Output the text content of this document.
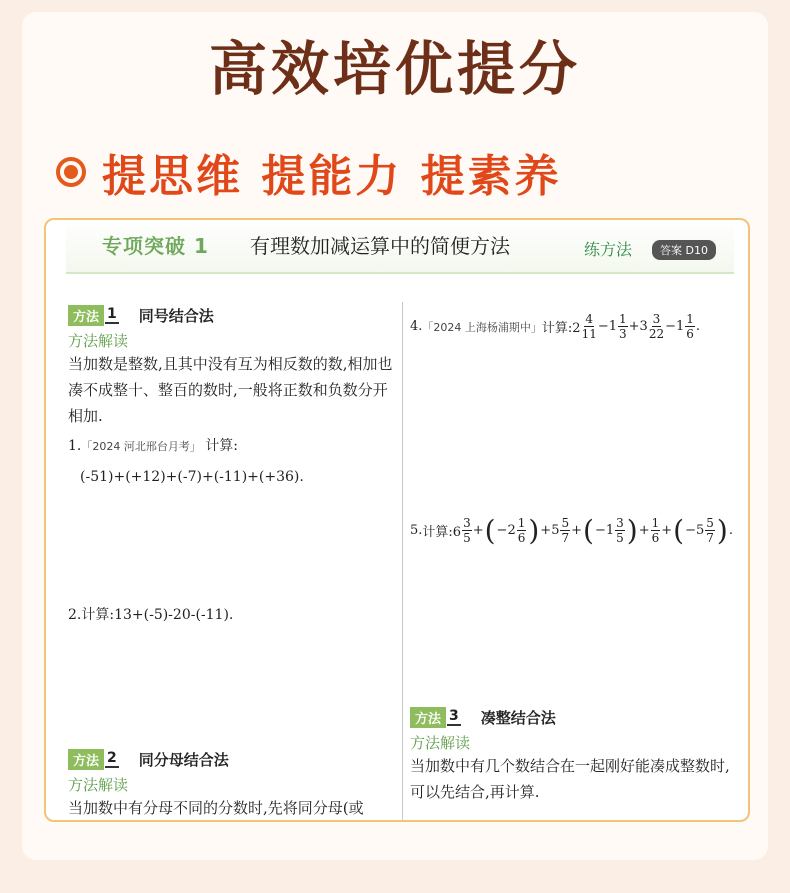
高效培优提分
提思维 提能力 提素养
专项突破 1 有理数加减运算中的简便方法	练方法	答案 D10
方法 1 同号结合法
方法解读
当加数是整数,且其中没有互为相反数的数,相加也凑不成整十、整百的数时,一般将正数和负数分开相加.
1.「2024 河北邢台月考」 计算:
(-51)+(+12)+(-7)+(-11)+(+36).
2.计算:13+(-5)-20-(-11).
方法 2 同分母结合法
方法解读
当加数中有分母不同的分数时,先将同分母(或
4. 「2024 上海杨浦期中」 计算:2 $\frac{4}{11} -1 \frac{1}{3} +3 \frac{3}{22} -1 \frac{1}{6}$ .
5. 计算:6 $\frac{3}{5}$ + ( $-2 \frac{1}{6}$ ) $+5 \frac{5}{7}$ + ( $-1 \frac{3}{5}$ ) + $\frac{1}{6}$ + ( $-5 \frac{5}{7}$ ) .
方法 3 凑整结合法
方法解读
当加数中有几个数结合在一起刚好能凑成整数时,可以先结合,再计算.
